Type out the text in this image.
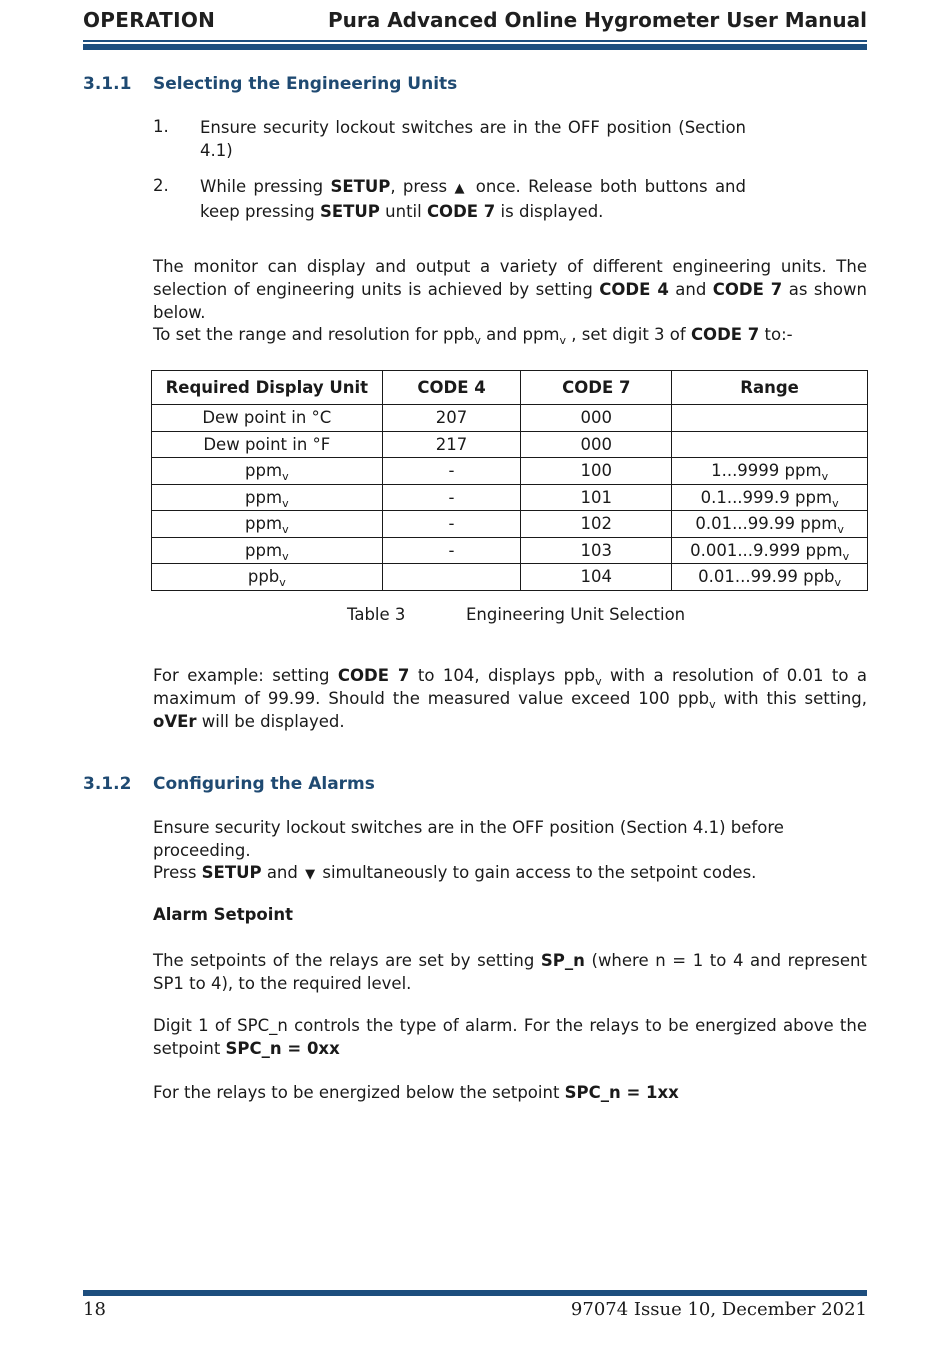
OPERATION	Pura Advanced Online Hygrometer User Manual
3.1.1 Selecting the Engineering Units
1. Ensure security lockout switches are in the OFF position (Section 4.1)
2. While pressing SETUP, press ▲ once. Release both buttons and keep pressing SETUP until CODE 7 is displayed.
The monitor can display and output a variety of different engineering units. The selection of engineering units is achieved by setting CODE 4 and CODE 7 as shown below.
To set the range and resolution for ppb$_v$ and ppm$_v$ , set digit 3 of CODE 7 to:-
Required Display Unit	CODE 4	CODE 7	Range
Dew point in °C	207	000	
Dew point in °F	217	000	
ppm$_v$	-	100	1...9999 ppm$_v$
ppm$_v$	-	101	0.1...999.9 ppm$_v$
ppm$_v$	-	102	0.01...99.99 ppm$_v$
ppm$_v$	-	103	0.001...9.999 ppm$_v$
ppb$_v$		104	0.01...99.99 ppb$_v$
Table 3	Engineering Unit Selection
For example: setting CODE 7 to 104, displays ppb$_v$ with a resolution of 0.01 to a maximum of 99.99. Should the measured value exceed 100 ppb$_v$ with this setting, oVEr will be displayed.
3.1.2 Configuring the Alarms
Ensure security lockout switches are in the OFF position (Section 4.1) before proceeding.
Press SETUP and ▼ simultaneously to gain access to the setpoint codes.
Alarm Setpoint
The setpoints of the relays are set by setting SP_n (where n = 1 to 4 and represent SP1 to 4), to the required level.
Digit 1 of SPC_n controls the type of alarm. For the relays to be energized above the setpoint SPC_n = 0xx
For the relays to be energized below the setpoint SPC_n = 1xx
18	97074 Issue 10, December 2021
